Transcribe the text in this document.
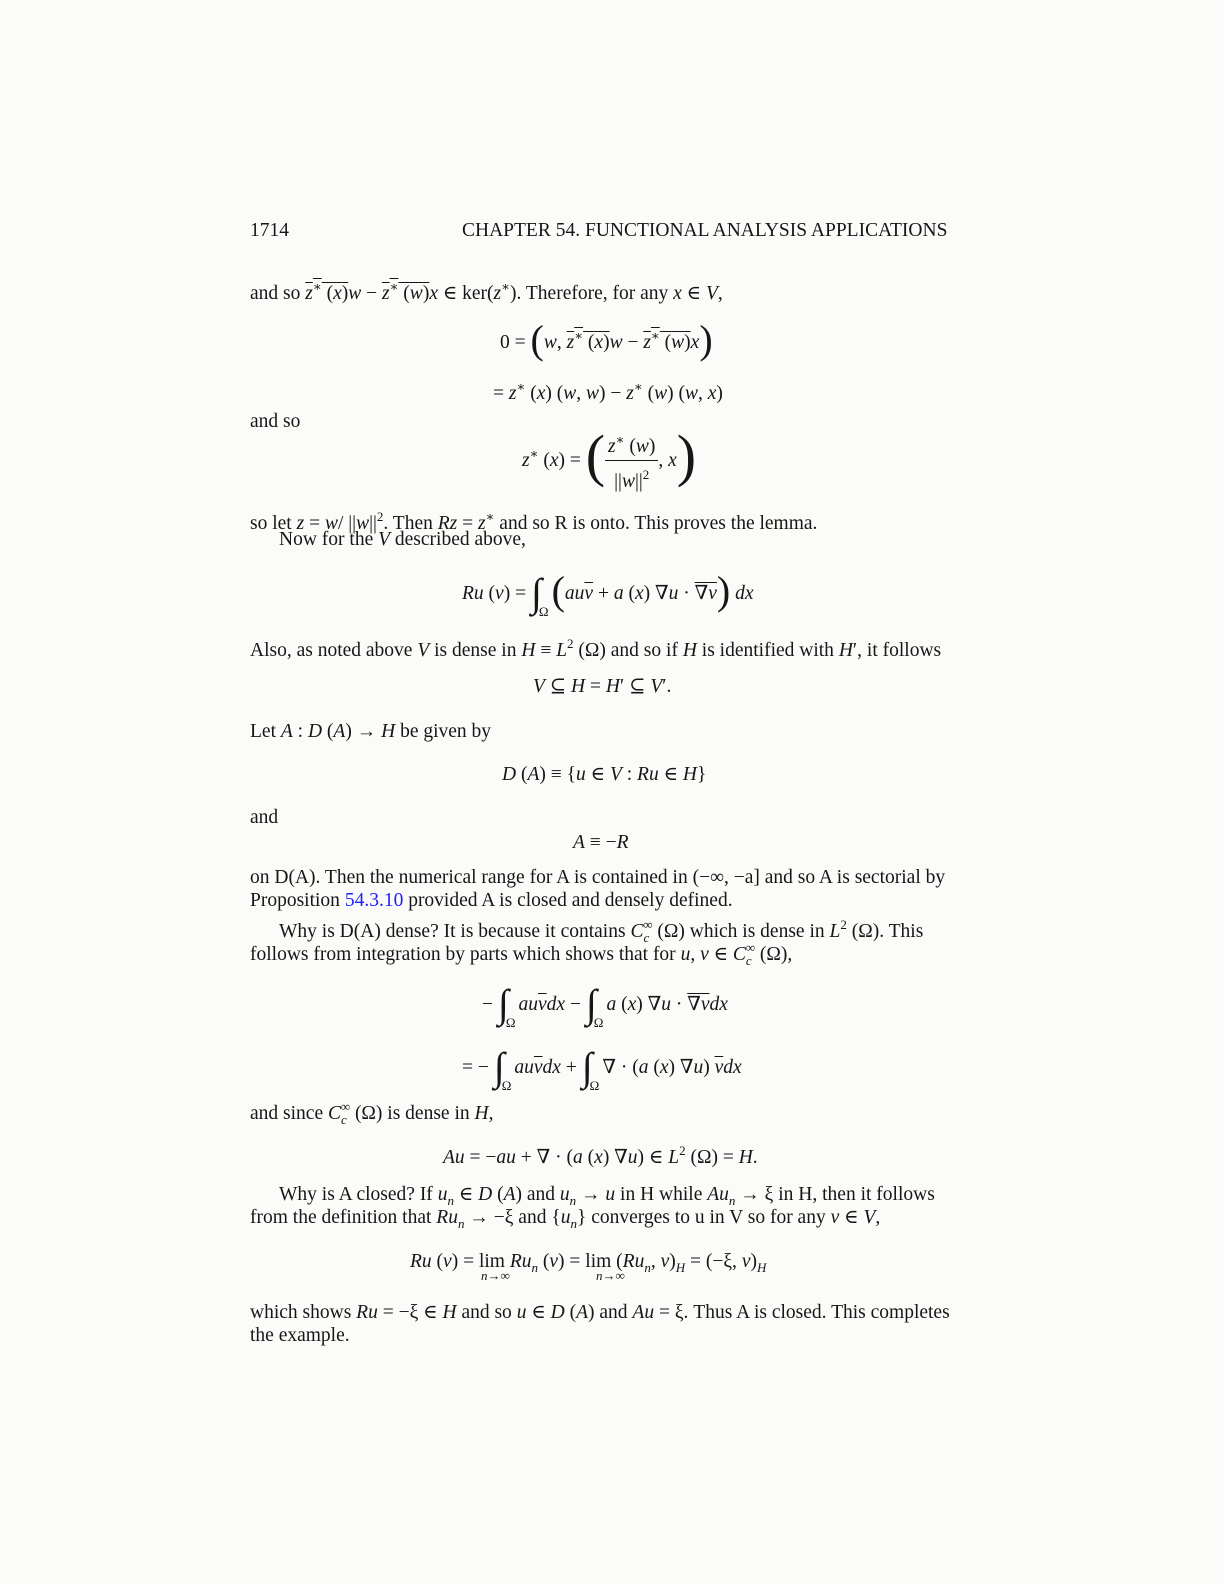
1714	CHAPTER 54. FUNCTIONAL ANALYSIS APPLICATIONS
and so z∗ (x)w − z∗ (w)x ∈ ker(z∗). Therefore, for any x ∈ V,
0 = (w, z∗ (x)w − z∗ (w)x)
= z∗ (x) (w, w) − z∗ (w) (w, x)
and so
z∗ (x) = ( $\frac{z^∗ (w)}{||w||^2}$ , x)
so let z = w/ $||w||^2$. Then Rz = z∗ and so R is onto. This proves the lemma.
Now for the V described above,
Ru $(v) = \int_\Omega(au\overline{v} + a$ (x) ∇u · ∇v) dx
Also, as noted above V is dense in $H \equiv L^2$ (Ω) and so if H is identified with H′, it follows
V ⊆ H = H′ ⊆ V′.
Let A : D (A) → H be given by
D (A) ≡ {u ∈ V : Ru ∈ H}
and
A ≡ −R
on D(A). Then the numerical range for A is contained in (−∞, −a] and so A is sectorial by
Proposition 54.3.10 provided A is closed and densely defined.
Why is D(A) dense? It is because it contains $C_c^\infty$ (Ω) which is dense in $L^2$ (Ω). This
follows from integration by parts which shows that for u, v ∈ $C_c^\infty$ (Ω),
− $\int_\Omega au\overline{v}dx - \int_\Omega a$ (x) ∇u · ∇vdx
= − $\int_\Omega au\overline{v}dx + \int_\Omega\nabla \cdot (a$ (x) ∇u) $\overline{v}dx$
and since $C_c^\infty$ (Ω) is dense in H,
Au = −au + ∇ · (a (x) ∇u) ∈ $L^2$ (Ω) = H.
Why is A closed? If $u_n$ ∈ D (A) and $u_n \to u$ in H while $Au_n \to \xi$ in H, then it follows
from the definition that $Ru_n \to -\xi$ and $\{u_n\}$ converges to u in V so for any v ∈ V,
Ru $(v) = \lim Ru_n$ $(v) = \lim (Ru_n$, $v)_H = (-\xi$, $v)_H$
n→∞	n→∞
which shows Ru = −ξ ∈ H and so u ∈ D (A) and Au = ξ. Thus A is closed. This completes
the example.
